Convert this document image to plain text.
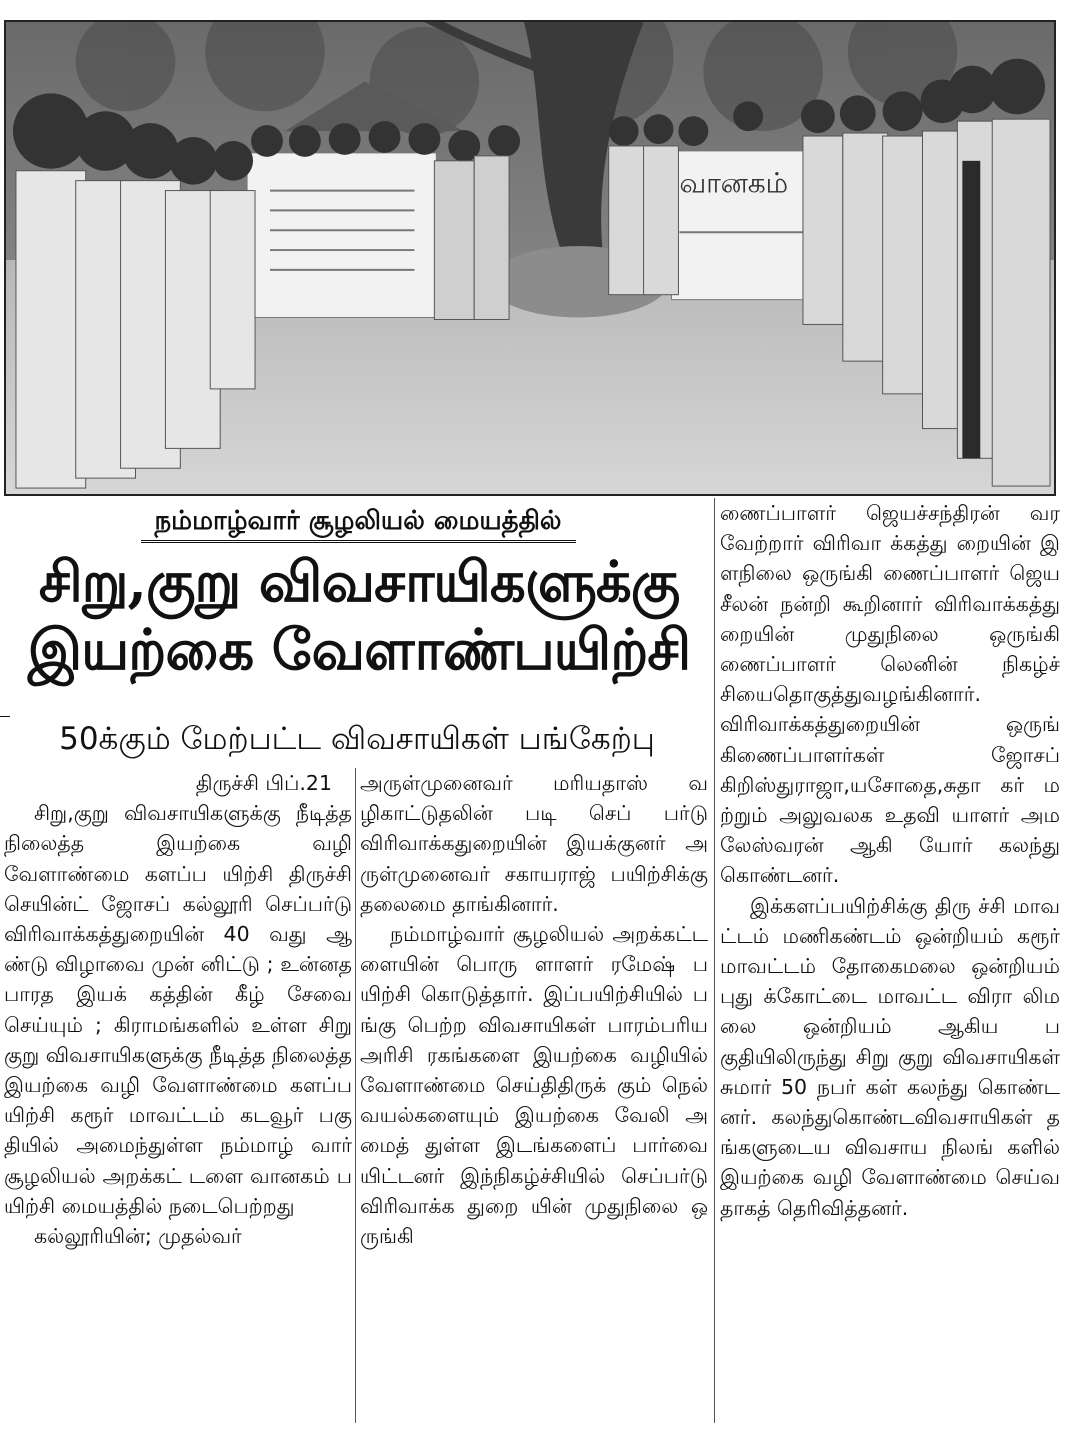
வானகம்
நம்மாழ்வார் சூழலியல் மையத்தில்
சிறு,குறு விவசாயிகளுக்கு
இயற்கை வேளாண்பயிற்சி
50க்கும் மேற்பட்ட விவசாயிகள் பங்கேற்பு

திருச்சி பிப்.21

சிறு,குறு விவசாயிகளுக்கு நீடித்த நிலைத்த இயற்கை வழி வேளாண்மை களப்ப யிற்சி திருச்சி செயின்ட் ஜோசப் கல்லூரி செப்பர்டு விரிவாக்கத்துறையின் 40 வது ஆண்டு விழாவை முன் னிட்டு ; உன்னத பாரத இயக் கத்தின் கீழ் சேவை செய்யும் ; கிராமங்களில் உள்ள சிறு குறு விவசாயிகளுக்கு நீடித்த நிலைத்த இயற்கை வழி வேளாண்மை களப்பயிற்சி கரூர் மாவட்டம் கடவூர் பகு தியில் அமைந்துள்ள நம்மாழ் வார் சூழலியல் அறக்கட் டளை வானகம் பயிற்சி மையத்தில் நடைபெற்றது

கல்லூரியின்; முதல்வர்

அருள்முனைவர் மரியதாஸ் வழிகாட்டுதலின் படி செப் பர்டு விரிவாக்கதுறையின் இயக்குனர் அருள்முனைவர் சகாயராஜ் பயிற்சிக்கு தலைமை தாங்கினார்.

நம்மாழ்வார் சூழலியல் அறக்கட்டளையின் பொரு ளாளர் ரமேஷ் பயிற்சி கொடுத்தார். இப்பயிற்சியில் பங்கு பெற்ற விவசாயிகள் பாரம்பரிய அரிசி ரகங்களை இயற்கை வழியில் வேளாண்மை செய்திதிருக் கும் நெல் வயல்களையும் இயற்கை வேலி அமைத் துள்ள இடங்களைப் பார்வை யிட்டனர் இந்நிகழ்ச்சியில் செப்பர்டு விரிவாக்க துறை யின் முதுநிலை ஒருங்கி

ணைப்பாளர் ஜெயச்சந்திரன் வரவேற்றார் விரிவா க்கத்து றையின் இளநிலை ஒருங்கி ணைப்பாளர் ஜெயசீலன் நன்றி கூறினார் விரிவாக்கத்து றையின் முதுநிலை ஒருங்கி ணைப்பாளர் லெனின் நிகழ்ச் சியைதொகுத்துவழங்கினார். விரிவாக்கத்துறையின் ஒருங் கிணைப்பாளர்கள் ஜோசப் கிறிஸ்துராஜா,யசோதை,சுதா கர் மற்றும் அலுவலக உதவி யாளர் அமலேஸ்வரன் ஆகி யோர் கலந்து கொண்டனர்.

இக்களப்பயிற்சிக்கு திரு ச்சி மாவட்டம் மணிகண்டம் ஒன்றியம் கரூர் மாவட்டம் தோகைமலை ஒன்றியம் புது க்கோட்டை மாவட்ட விரா லிமலை ஒன்றியம் ஆகிய பகுதியிலிருந்து சிறு குறு விவசாயிகள் சுமார் 50 நபர் கள் கலந்து கொண்டனர். கலந்துகொண்டவிவசாயிகள் தங்களுடைய விவசாய நிலங் களில் இயற்கை வழி வேளாண்மை செய்வதாகத் தெரிவித்தனர்.
